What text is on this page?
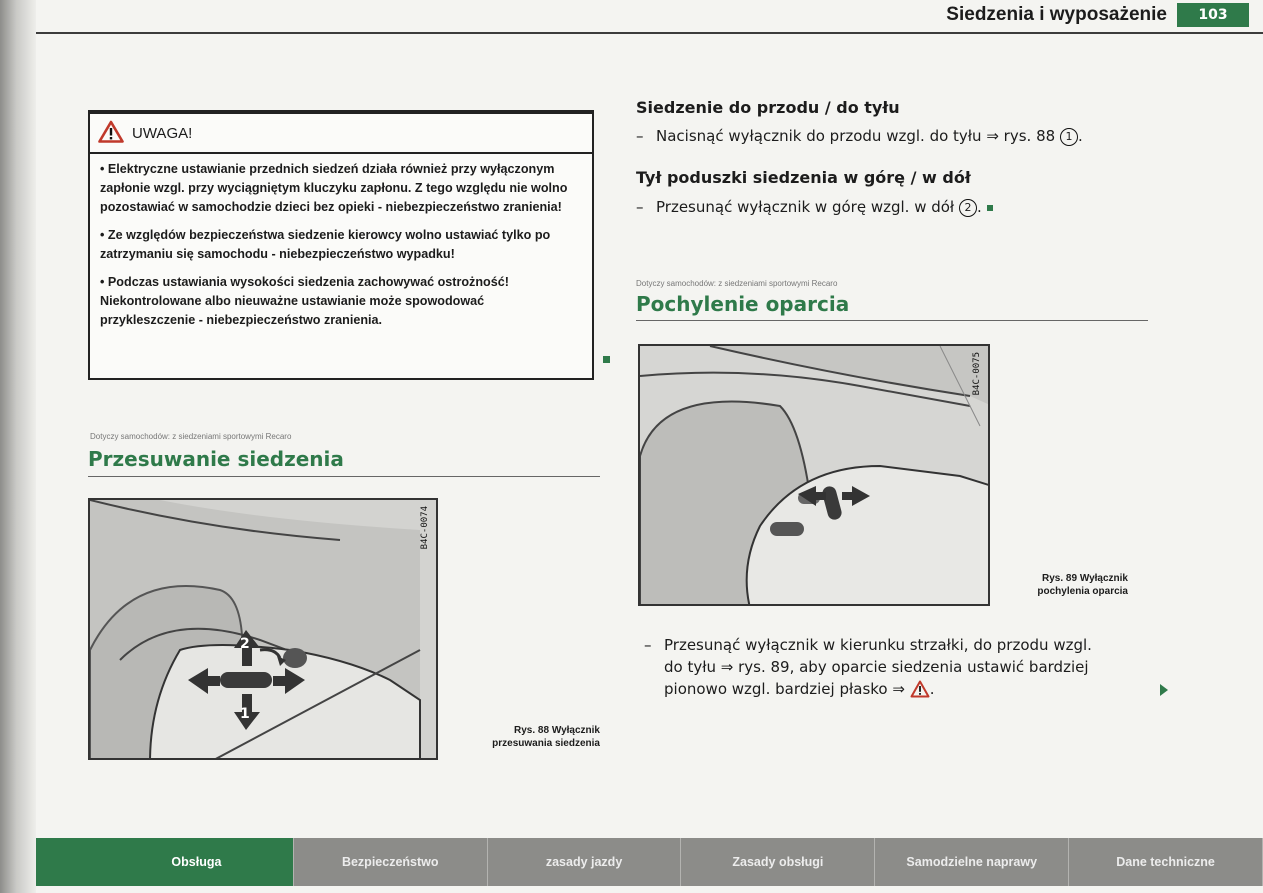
Siedzenia i wyposażenie	103
UWAGA!

• Elektryczne ustawianie przednich siedzeń działa również przy wyłączonym zapłonie wzgl. przy wyciągniętym kluczyku zapłonu. Z tego względu nie wolno pozostawiać w samochodzie dzieci bez opieki - niebezpieczeństwo zranienia!

• Ze względów bezpieczeństwa siedzenie kierowcy wolno ustawiać tylko po zatrzymaniu się samochodu - niebezpieczeństwo wypadku!

• Podczas ustawiania wysokości siedzenia zachowywać ostrożność! Niekontrolowane albo nieuważne ustawianie może spowodować przykleszczenie - niebezpieczeństwo zranienia.

Dotyczy samochodów: z siedzeniami sportowymi Recaro
Przesuwanie siedzenia
B4C-0074
2
1
Rys. 88 Wyłącznik
przesuwania siedzenia
Siedzenie do przodu / do tyłu
– Nacisnąć wyłącznik do przodu wzgl. do tyłu ⇒ rys. 88 1 .
Tył poduszki siedzenia w górę / w dół
– Przesunąć wyłącznik w górę wzgl. w dół 2 .
Dotyczy samochodów: z siedzeniami sportowymi Recaro
Pochylenie oparcia
B4C-0075
Rys. 89 Wyłącznik
pochylenia oparcia
– Przesunąć wyłącznik w kierunku strzałki, do przodu wzgl.
do tyłu ⇒ rys. 89, aby oparcie siedzenia ustawić bardziej
pionowo wzgl. bardziej płasko ⇒ .
Obsługa	Bezpieczeństwo	zasady jazdy	Zasady obsługi	Samodzielne naprawy	Dane techniczne
